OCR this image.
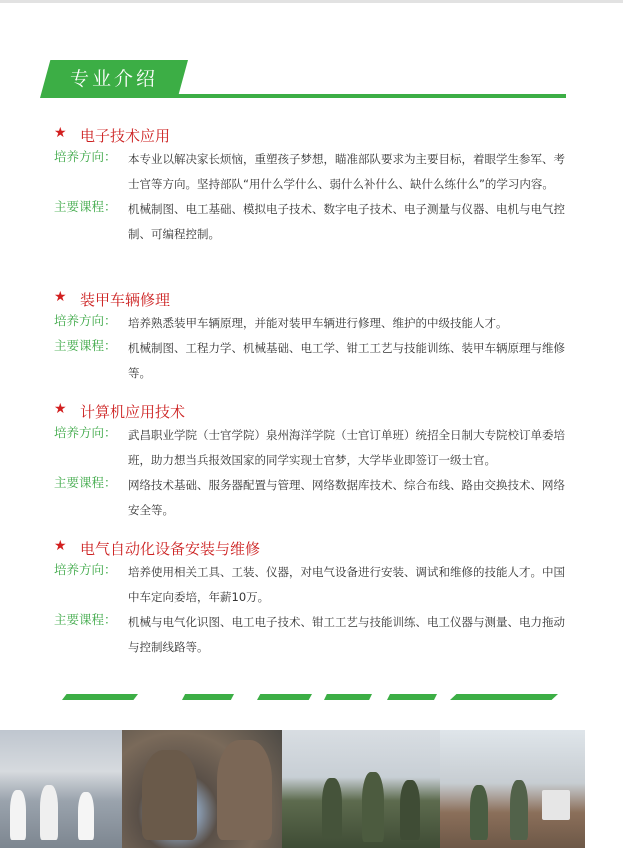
专业介绍
★ 电子技术应用
培养方向： 本专业以解决家长烦恼，重塑孩子梦想，瞄准部队要求为主要目标，着眼学生参军、考士官等方向。坚持部队“用什么学什么、弱什么补什么、缺什么练什么”的学习内容。
主要课程： 机械制图、电工基础、模拟电子技术、数字电子技术、电子测量与仪器、电机与电气控制、可编程控制。
★ 装甲车辆修理
培养方向： 培养熟悉装甲车辆原理，并能对装甲车辆进行修理、维护的中级技能人才。
主要课程： 机械制图、工程力学、机械基础、电工学、钳工工艺与技能训练、装甲车辆原理与维修等。
★ 计算机应用技术
培养方向： 武昌职业学院（士官学院）泉州海洋学院（士官订单班）统招全日制大专院校订单委培班，助力想当兵报效国家的同学实现士官梦，大学毕业即签订一级士官。
主要课程： 网络技术基础、服务器配置与管理、网络数据库技术、综合布线、路由交换技术、网络安全等。
★ 电气自动化设备安装与维修
培养方向： 培养使用相关工具、工装、仪器，对电气设备进行安装、调试和维修的技能人才。中国中车定向委培，年薪10万。
主要课程： 机械与电气化识图、电工电子技术、钳工工艺与技能训练、电工仪器与测量、电力拖动与控制线路等。
